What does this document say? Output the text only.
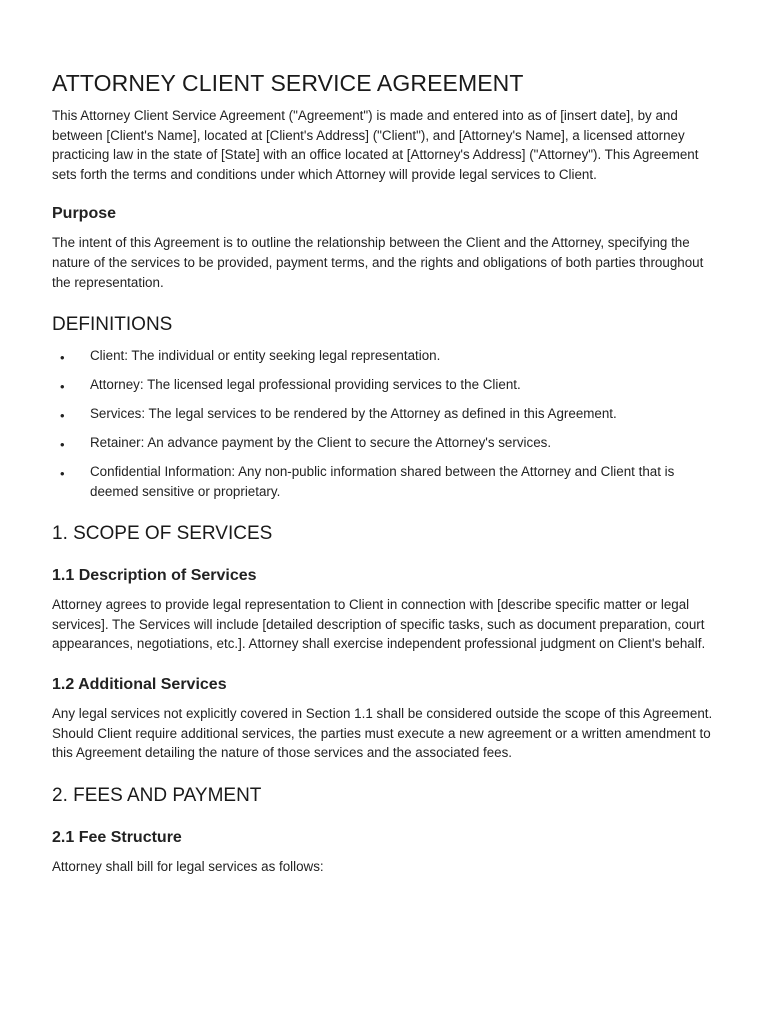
ATTORNEY CLIENT SERVICE AGREEMENT

This Attorney Client Service Agreement ("Agreement") is made and entered into as of [insert date], by and between [Client's Name], located at [Client's Address] ("Client"), and [Attorney's Name], a licensed attorney practicing law in the state of [State] with an office located at [Attorney's Address] ("Attorney"). This Agreement sets forth the terms and conditions under which Attorney will provide legal services to Client.

Purpose

The intent of this Agreement is to outline the relationship between the Client and the Attorney, specifying the nature of the services to be provided, payment terms, and the rights and obligations of both parties throughout the representation.

DEFINITIONS
• Client: The individual or entity seeking legal representation.
• Attorney: The licensed legal professional providing services to the Client.
• Services: The legal services to be rendered by the Attorney as defined in this Agreement.
• Retainer: An advance payment by the Client to secure the Attorney's services.
• Confidential Information: Any non-public information shared between the Attorney and Client that is deemed sensitive or proprietary.
1. SCOPE OF SERVICES
1.1 Description of Services

Attorney agrees to provide legal representation to Client in connection with [describe specific matter or legal services]. The Services will include [detailed description of specific tasks, such as document preparation, court appearances, negotiations, etc.]. Attorney shall exercise independent professional judgment on Client's behalf.

1.2 Additional Services

Any legal services not explicitly covered in Section 1.1 shall be considered outside the scope of this Agreement. Should Client require additional services, the parties must execute a new agreement or a written amendment to this Agreement detailing the nature of those services and the associated fees.

2. FEES AND PAYMENT
2.1 Fee Structure

Attorney shall bill for legal services as follows:
